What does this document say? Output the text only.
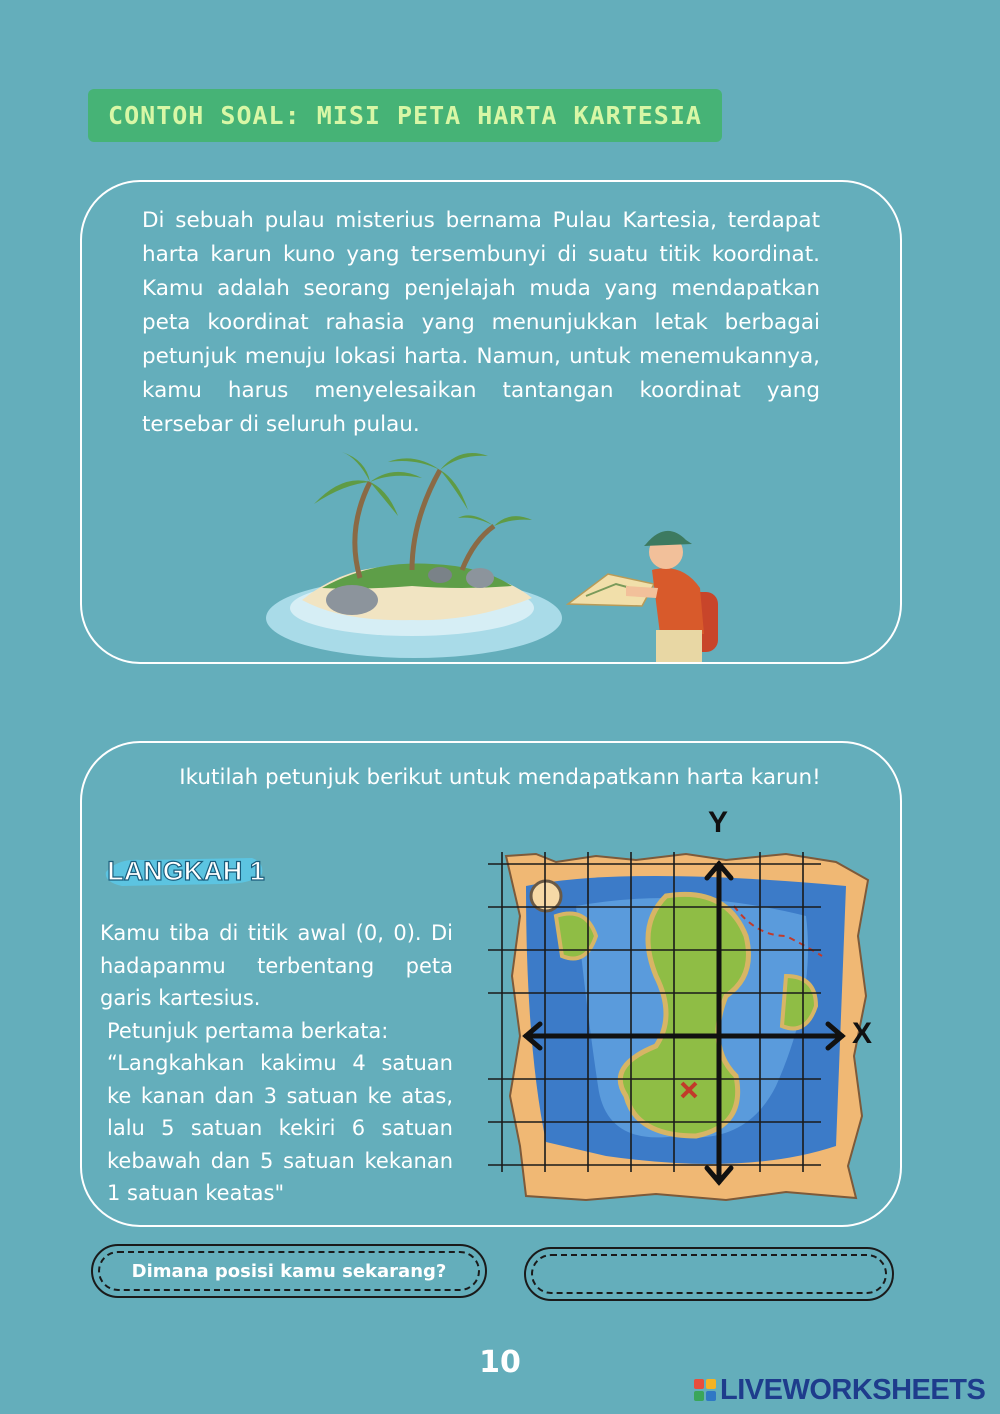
CONTOH SOAL: MISI PETA HARTA KARTESIA

Di sebuah pulau misterius bernama Pulau Kartesia, terdapat harta karun kuno yang tersembunyi di suatu titik koordinat. Kamu adalah seorang penjelajah muda yang mendapatkan peta koordinat rahasia yang menunjukkan letak berbagai petunjuk menuju lokasi harta. Namun, untuk menemukannya, kamu harus menyelesaikan tantangan koordinat yang tersebar di seluruh pulau.

Ikutilah petunjuk berikut untuk mendapatkann harta karun!

LANGKAH 1
Kamu tiba di titik awal (0, 0). Di hadapanmu terbentang peta garis kartesius.
Petunjuk pertama berkata:
“Langkahkan kakimu 4 satuan ke kanan dan 3 satuan ke atas, lalu 5 satuan kekiri 6 satuan kebawah dan 5 satuan kekanan 1 satuan keatas"
Y
X
Dimana posisi kamu sekarang?
10
LIVEWORKSHEETS
